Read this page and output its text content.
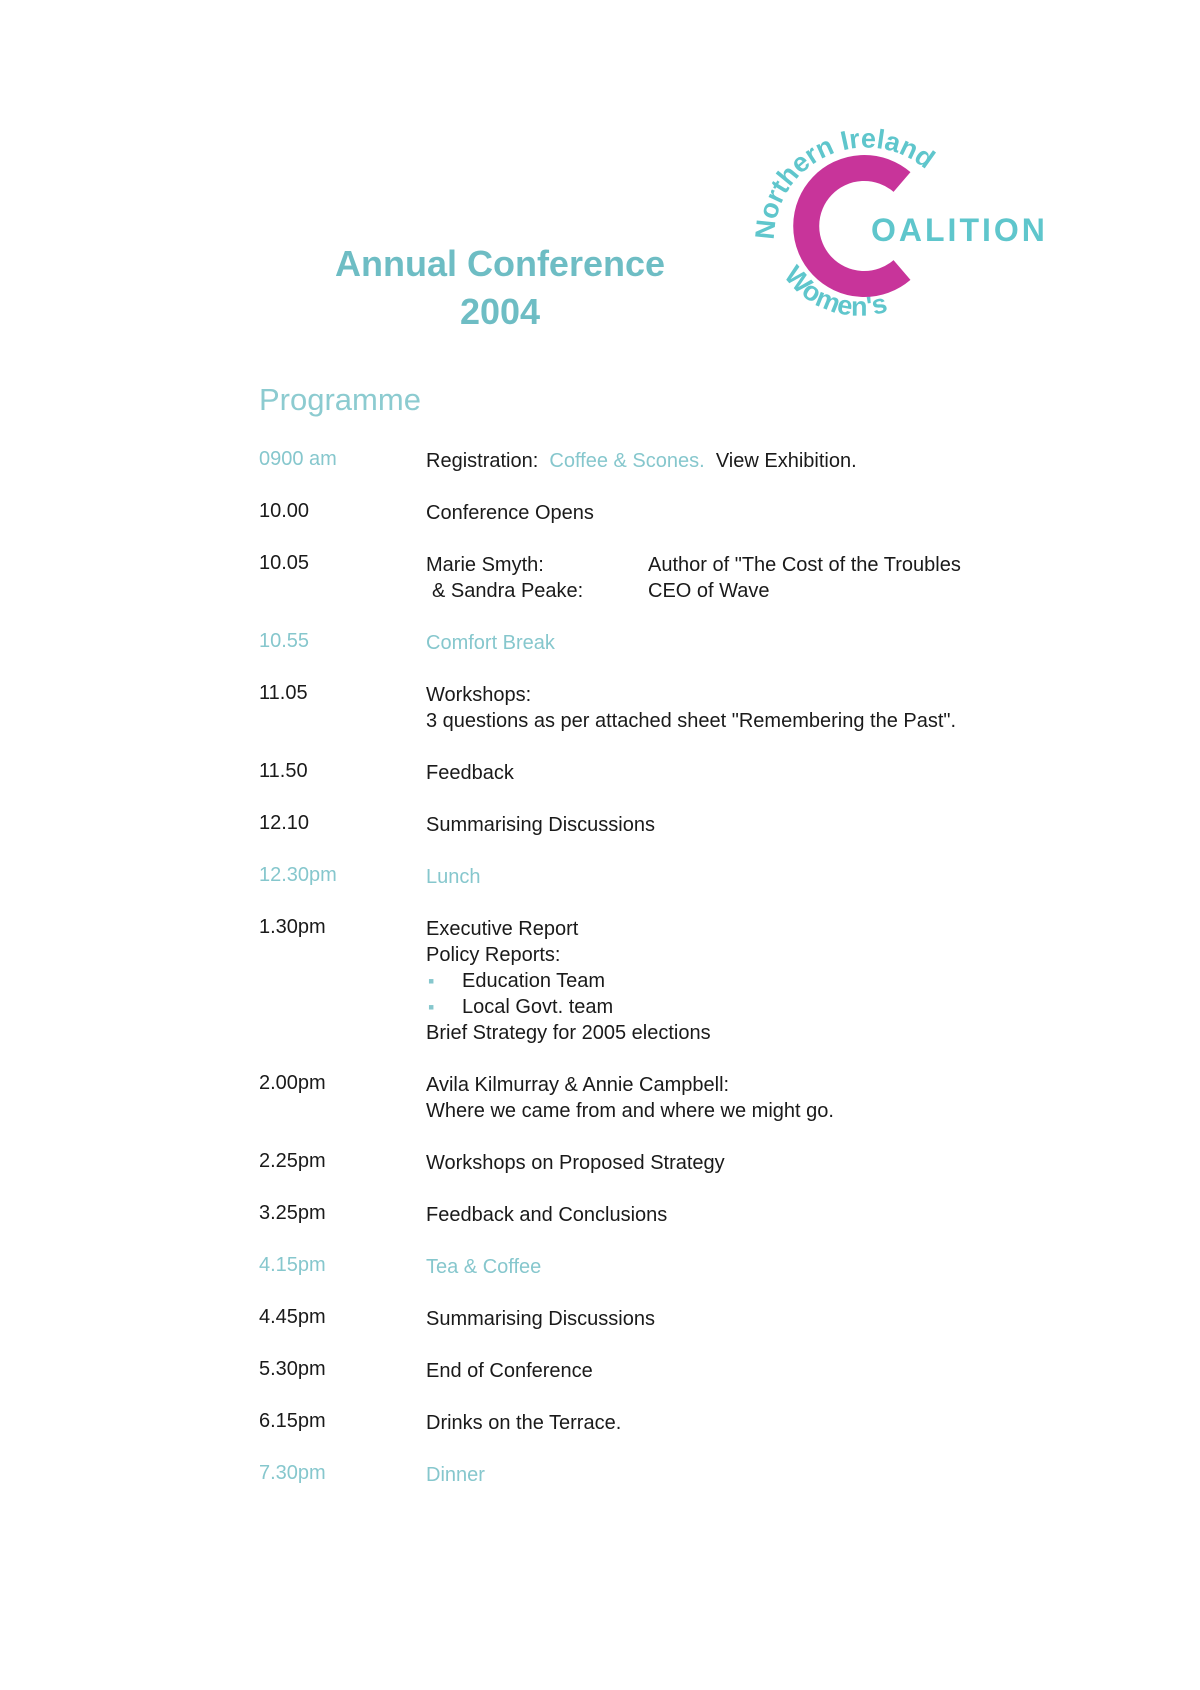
Annual Conference
2004
Northern Ireland
Women's
OALITION
Programme
0900 am	Registration: Coffee & Scones. View Exhibition.
10.00	Conference Opens
10.05	Marie Smyth:	Author of "The Cost of the Troubles
& Sandra Peake:	CEO of Wave
10.55	Comfort Break
11.05	Workshops:
3 questions as per attached sheet "Remembering the Past".
11.50	Feedback
12.10	Summarising Discussions
12.30pm	Lunch
1.30pm	Executive Report
Policy Reports:
▪ Education Team
▪ Local Govt. team
Brief Strategy for 2005 elections
2.00pm	Avila Kilmurray & Annie Campbell:
Where we came from and where we might go.
2.25pm	Workshops on Proposed Strategy
3.25pm	Feedback and Conclusions
4.15pm	Tea & Coffee
4.45pm	Summarising Discussions
5.30pm	End of Conference
6.15pm	Drinks on the Terrace.
7.30pm	Dinner
